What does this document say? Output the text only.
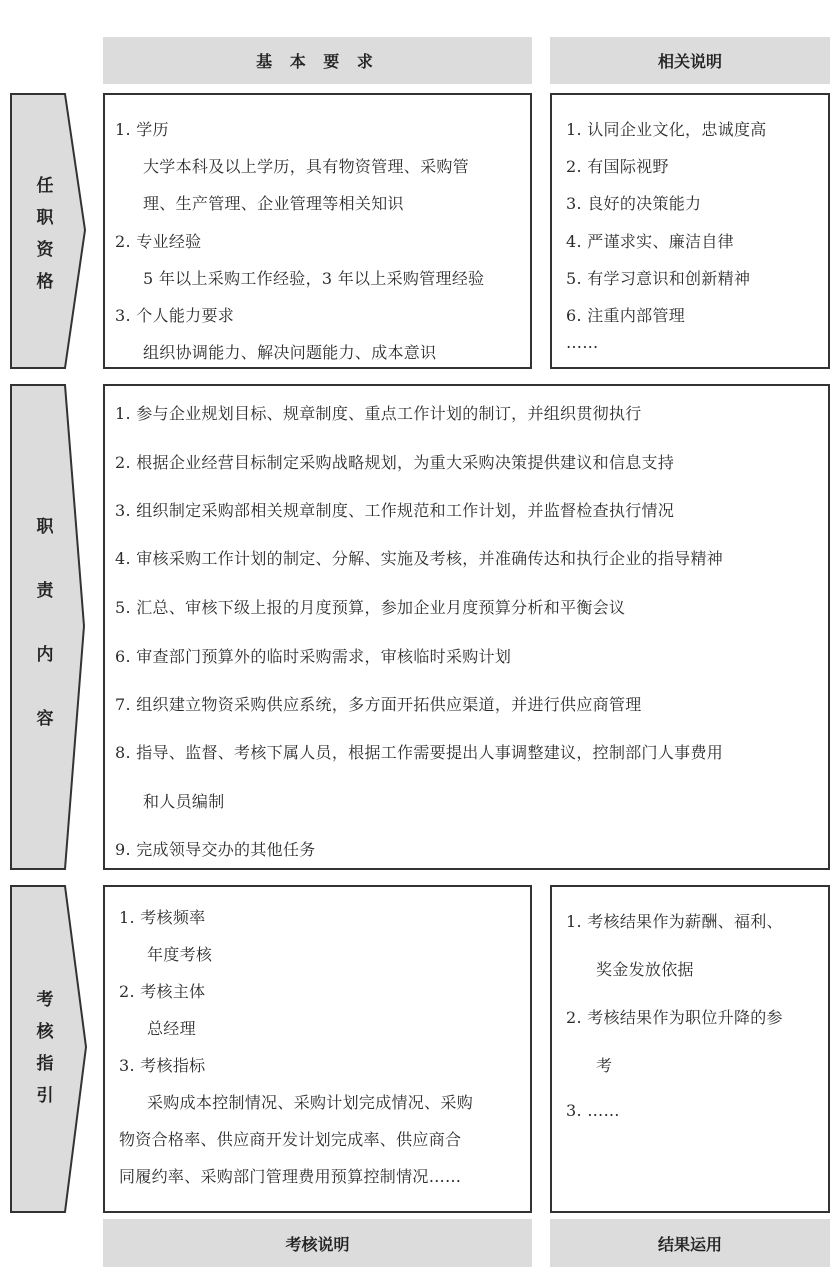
基 本 要 求	相关说明
任
职
资
格
1. 学历
大学本科及以上学历，具有物资管理、采购管
理、生产管理、企业管理等相关知识
2. 专业经验
5 年以上采购工作经验，3 年以上采购管理经验
3. 个人能力要求
组织协调能力、解决问题能力、成本意识
1. 认同企业文化，忠诚度高
2. 有国际视野
3. 良好的决策能力
4. 严谨求实、廉洁自律
5. 有学习意识和创新精神
6. 注重内部管理
……
职
责
内
容
1. 参与企业规划目标、规章制度、重点工作计划的制订，并组织贯彻执行
2. 根据企业经营目标制定采购战略规划，为重大采购决策提供建议和信息支持
3. 组织制定采购部相关规章制度、工作规范和工作计划，并监督检查执行情况
4. 审核采购工作计划的制定、分解、实施及考核，并准确传达和执行企业的指导精神
5. 汇总、审核下级上报的月度预算，参加企业月度预算分析和平衡会议
6. 审查部门预算外的临时采购需求，审核临时采购计划
7. 组织建立物资采购供应系统，多方面开拓供应渠道，并进行供应商管理
8. 指导、监督、考核下属人员，根据工作需要提出人事调整建议，控制部门人事费用
和人员编制
9. 完成领导交办的其他任务
考
核
指
引
1. 考核频率
年度考核
2. 考核主体
总经理
3. 考核指标
采购成本控制情况、采购计划完成情况、采购
物资合格率、供应商开发计划完成率、供应商合
同履约率、采购部门管理费用预算控制情况……
1. 考核结果作为薪酬、福利、
奖金发放依据
2. 考核结果作为职位升降的参
考
3. ……
考核说明	结果运用
